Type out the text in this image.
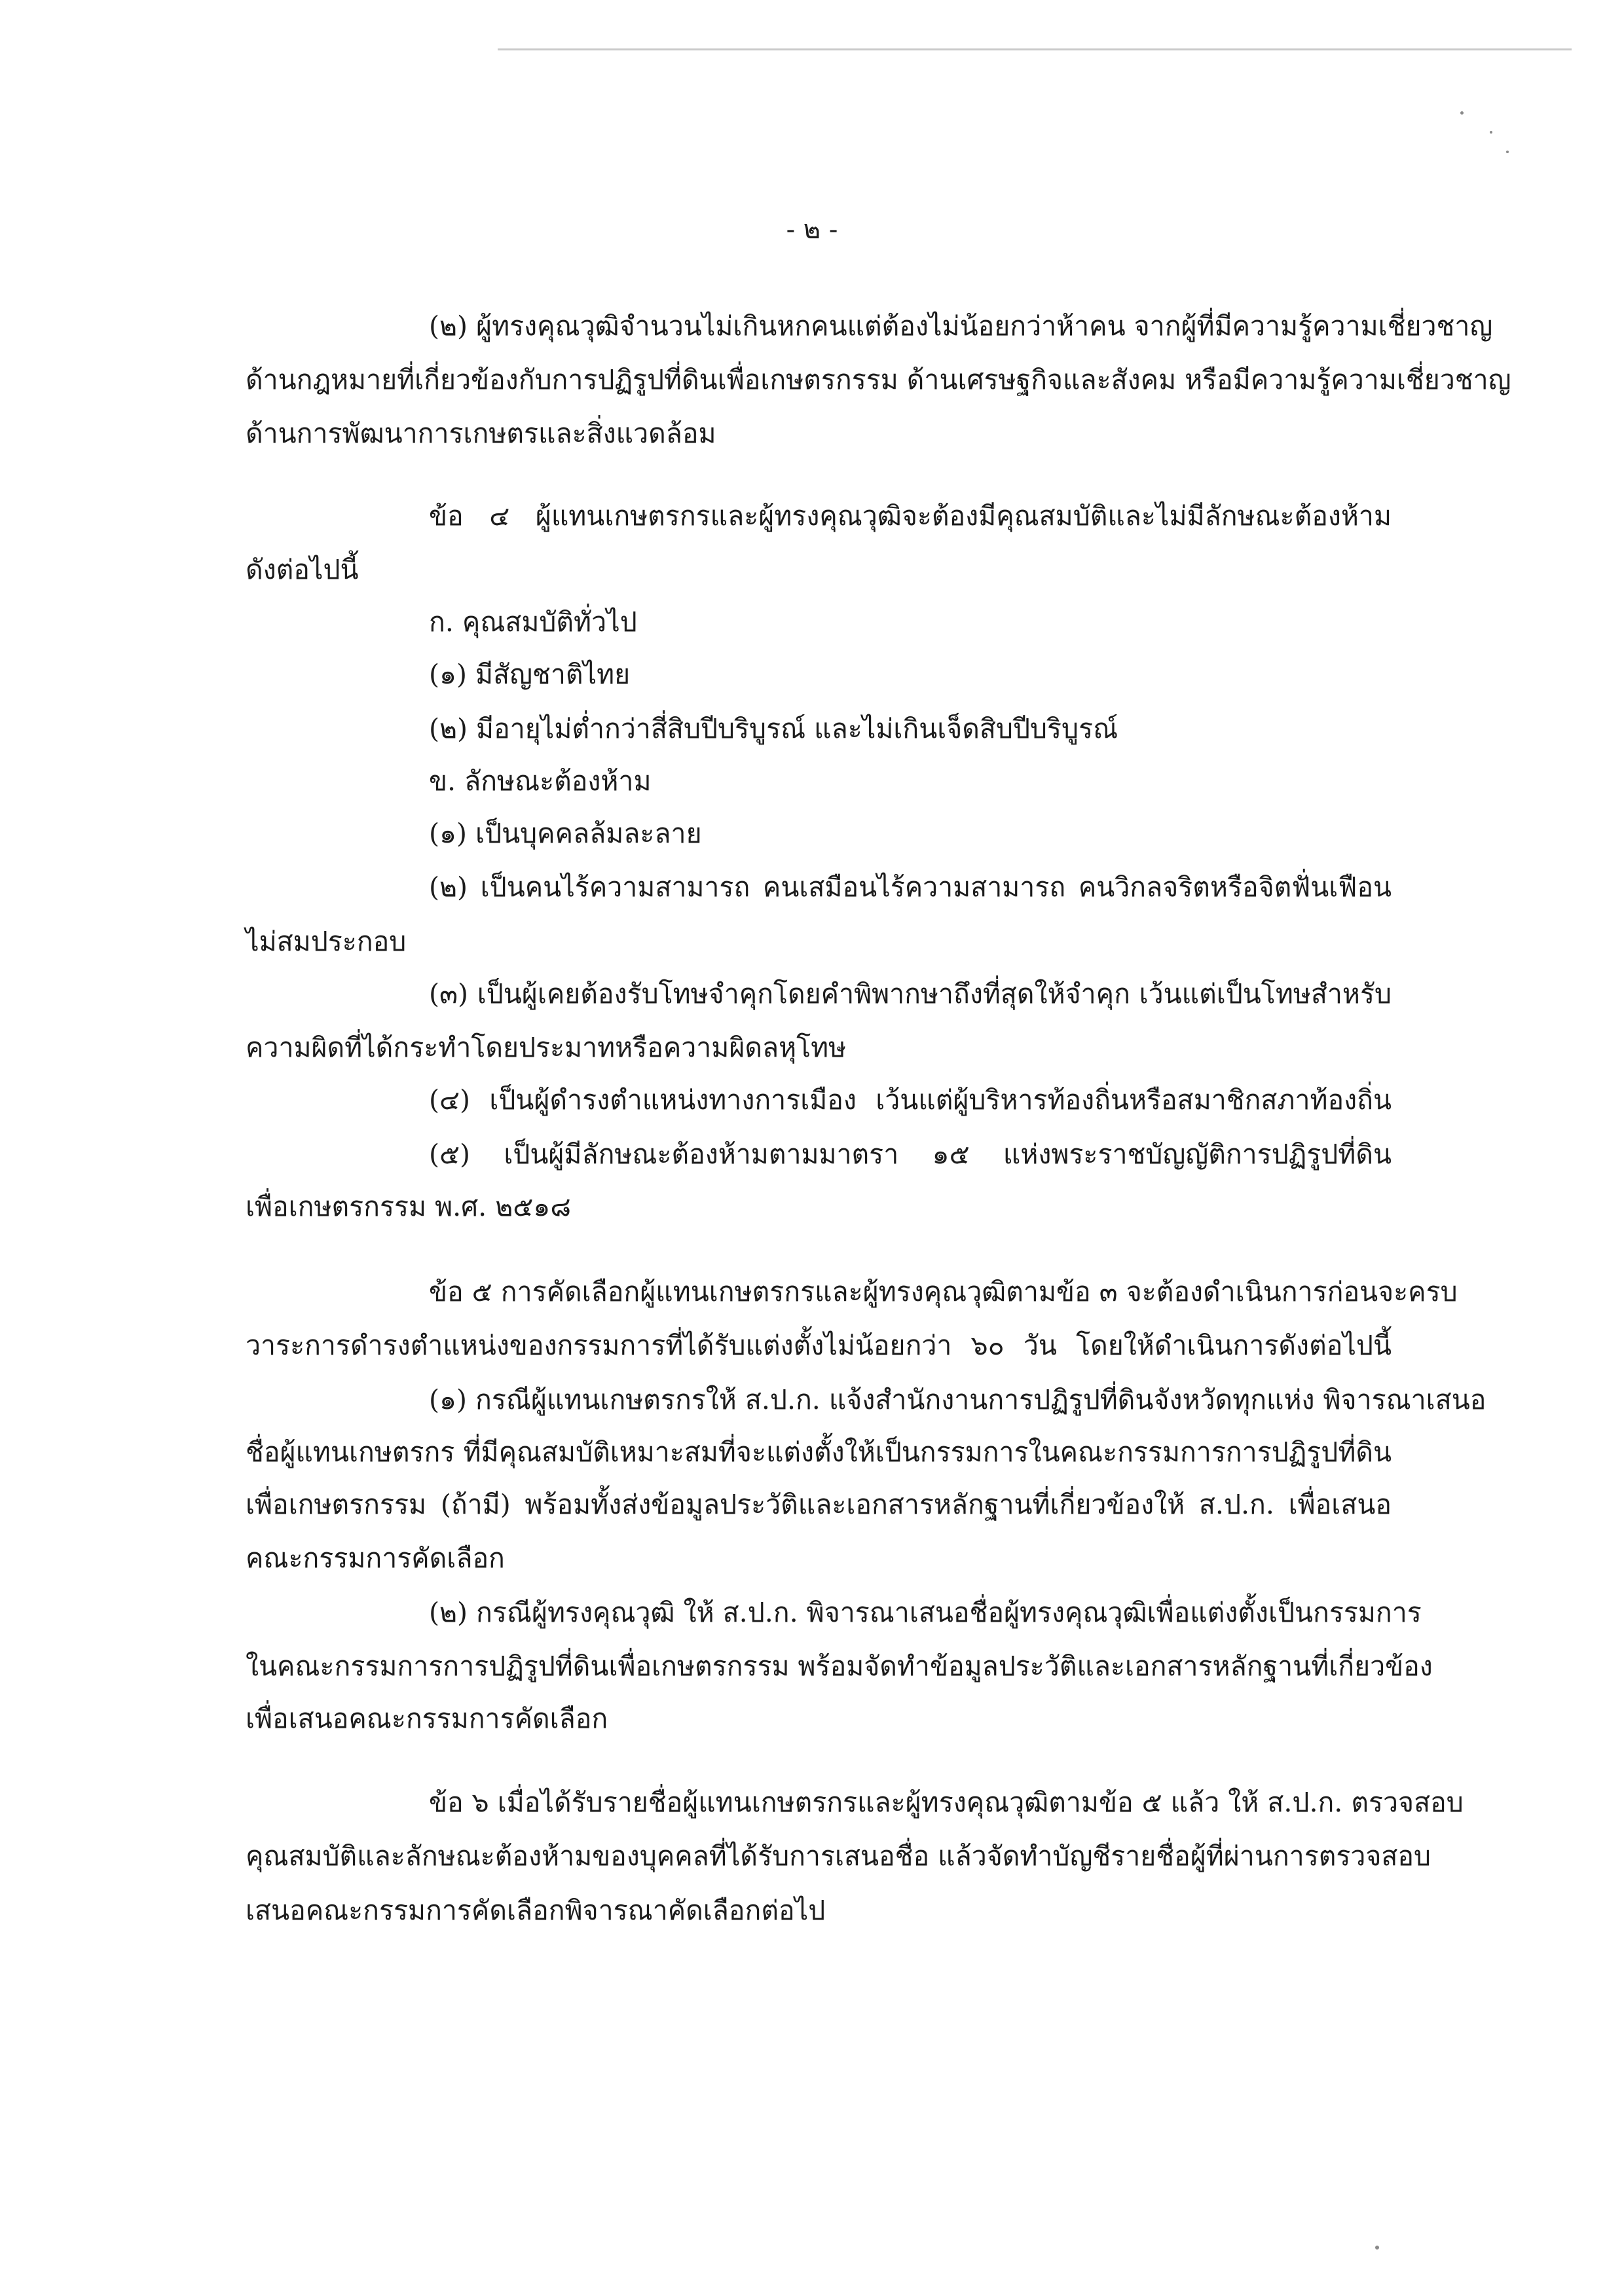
- ๒ -
(๒) ผู้ทรงคุณวุฒิจำนวนไม่เกินหกคนแต่ต้องไม่น้อยกว่าห้าคน จากผู้ที่มีความรู้ความเชี่ยวชาญ
ด้านกฎหมายที่เกี่ยวข้องกับการปฏิรูปที่ดินเพื่อเกษตรกรรม ด้านเศรษฐกิจและสังคม หรือมีความรู้ความเชี่ยวชาญ
ด้านการพัฒนาการเกษตรและสิ่งแวดล้อม
ข้อ ๔ ผู้แทนเกษตรกรและผู้ทรงคุณวุฒิจะต้องมีคุณสมบัติและไม่มีลักษณะต้องห้าม
ดังต่อไปนี้
ก. คุณสมบัติทั่วไป
(๑) มีสัญชาติไทย
(๒) มีอายุไม่ต่ำกว่าสี่สิบปีบริบูรณ์ และไม่เกินเจ็ดสิบปีบริบูรณ์
ข. ลักษณะต้องห้าม
(๑) เป็นบุคคลล้มละลาย
(๒) เป็นคนไร้ความสามารถ คนเสมือนไร้ความสามารถ คนวิกลจริตหรือจิตฟั่นเฟือน
ไม่สมประกอบ
(๓) เป็นผู้เคยต้องรับโทษจำคุกโดยคำพิพากษาถึงที่สุดให้จำคุก เว้นแต่เป็นโทษสำหรับ
ความผิดที่ได้กระทำโดยประมาทหรือความผิดลหุโทษ
(๔) เป็นผู้ดำรงตำแหน่งทางการเมือง เว้นแต่ผู้บริหารท้องถิ่นหรือสมาชิกสภาท้องถิ่น
(๕) เป็นผู้มีลักษณะต้องห้ามตามมาตรา ๑๕ แห่งพระราชบัญญัติการปฏิรูปที่ดิน
เพื่อเกษตรกรรม พ.ศ. ๒๕๑๘
ข้อ ๕ การคัดเลือกผู้แทนเกษตรกรและผู้ทรงคุณวุฒิตามข้อ ๓ จะต้องดำเนินการก่อนจะครบ
วาระการดำรงตำแหน่งของกรรมการที่ได้รับแต่งตั้งไม่น้อยกว่า ๖๐ วัน โดยให้ดำเนินการดังต่อไปนี้
(๑) กรณีผู้แทนเกษตรกรให้ ส.ป.ก. แจ้งสำนักงานการปฏิรูปที่ดินจังหวัดทุกแห่ง พิจารณาเสนอ
ชื่อผู้แทนเกษตรกร ที่มีคุณสมบัติเหมาะสมที่จะแต่งตั้งให้เป็นกรรมการในคณะกรรมการการปฏิรูปที่ดิน
เพื่อเกษตรกรรม (ถ้ามี) พร้อมทั้งส่งข้อมูลประวัติและเอกสารหลักฐานที่เกี่ยวข้องให้ ส.ป.ก. เพื่อเสนอ
คณะกรรมการคัดเลือก
(๒) กรณีผู้ทรงคุณวุฒิ ให้ ส.ป.ก. พิจารณาเสนอชื่อผู้ทรงคุณวุฒิเพื่อแต่งตั้งเป็นกรรมการ
ในคณะกรรมการการปฏิรูปที่ดินเพื่อเกษตรกรรม พร้อมจัดทำข้อมูลประวัติและเอกสารหลักฐานที่เกี่ยวข้อง
เพื่อเสนอคณะกรรมการคัดเลือก
ข้อ ๖ เมื่อได้รับรายชื่อผู้แทนเกษตรกรและผู้ทรงคุณวุฒิตามข้อ ๕ แล้ว ให้ ส.ป.ก. ตรวจสอบ
คุณสมบัติและลักษณะต้องห้ามของบุคคลที่ได้รับการเสนอชื่อ แล้วจัดทำบัญชีรายชื่อผู้ที่ผ่านการตรวจสอบ
เสนอคณะกรรมการคัดเลือกพิจารณาคัดเลือกต่อไป
